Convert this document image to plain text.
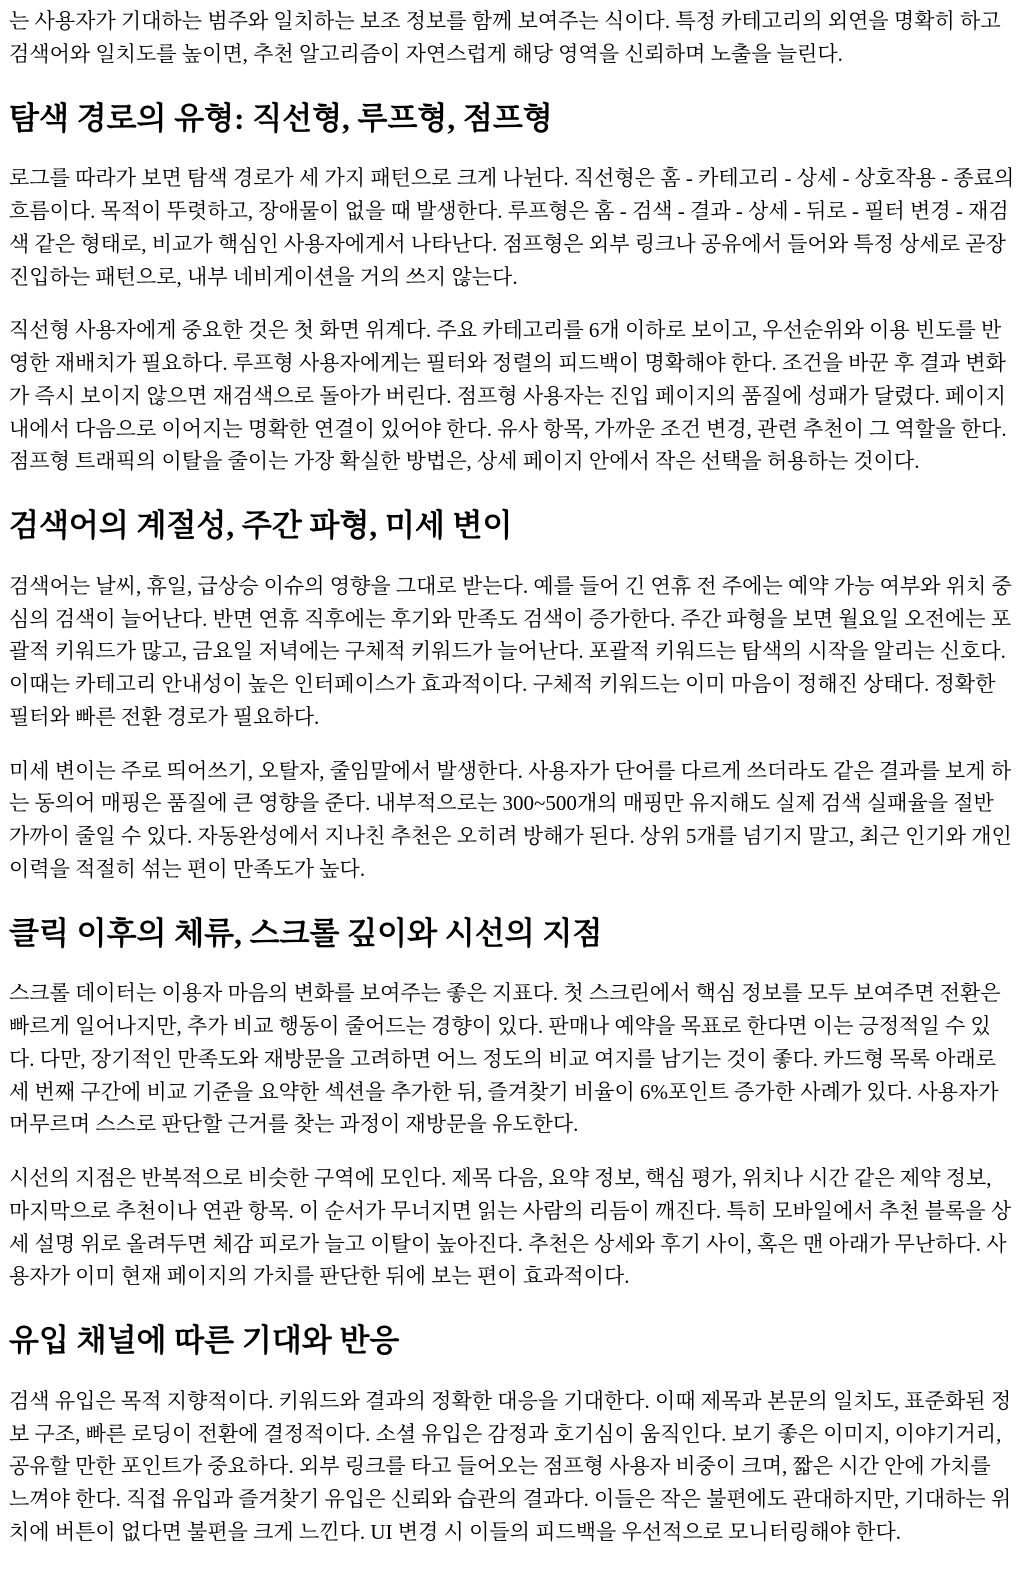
는 사용자가 기대하는 범주와 일치하는 보조 정보를 함께 보여주는 식이다. 특정 카테고리의 외연을 명확히 하고 검색어와 일치도를 높이면, 추천 알고리즘이 자연스럽게 해당 영역을 신뢰하며 노출을 늘린다.

탐색 경로의 유형: 직선형, 루프형, 점프형

로그를 따라가 보면 탐색 경로가 세 가지 패턴으로 크게 나뉜다. 직선형은 홈 - 카테고리 - 상세 - 상호작용 - 종료의 흐름이다. 목적이 뚜렷하고, 장애물이 없을 때 발생한다. 루프형은 홈 - 검색 - 결과 - 상세 - 뒤로 - 필터 변경 - 재검색 같은 형태로, 비교가 핵심인 사용자에게서 나타난다. 점프형은 외부 링크나 공유에서 들어와 특정 상세로 곧장 진입하는 패턴으로, 내부 네비게이션을 거의 쓰지 않는다.

직선형 사용자에게 중요한 것은 첫 화면 위계다. 주요 카테고리를 6개 이하로 보이고, 우선순위와 이용 빈도를 반영한 재배치가 필요하다. 루프형 사용자에게는 필터와 정렬의 피드백이 명확해야 한다. 조건을 바꾼 후 결과 변화가 즉시 보이지 않으면 재검색으로 돌아가 버린다. 점프형 사용자는 진입 페이지의 품질에 성패가 달렸다. 페이지 내에서 다음으로 이어지는 명확한 연결이 있어야 한다. 유사 항목, 가까운 조건 변경, 관련 추천이 그 역할을 한다. 점프형 트래픽의 이탈을 줄이는 가장 확실한 방법은, 상세 페이지 안에서 작은 선택을 허용하는 것이다.

검색어의 계절성, 주간 파형, 미세 변이

검색어는 날씨, 휴일, 급상승 이슈의 영향을 그대로 받는다. 예를 들어 긴 연휴 전 주에는 예약 가능 여부와 위치 중심의 검색이 늘어난다. 반면 연휴 직후에는 후기와 만족도 검색이 증가한다. 주간 파형을 보면 월요일 오전에는 포괄적 키워드가 많고, 금요일 저녁에는 구체적 키워드가 늘어난다. 포괄적 키워드는 탐색의 시작을 알리는 신호다. 이때는 카테고리 안내성이 높은 인터페이스가 효과적이다. 구체적 키워드는 이미 마음이 정해진 상태다. 정확한 필터와 빠른 전환 경로가 필요하다.

미세 변이는 주로 띄어쓰기, 오탈자, 줄임말에서 발생한다. 사용자가 단어를 다르게 쓰더라도 같은 결과를 보게 하는 동의어 매핑은 품질에 큰 영향을 준다. 내부적으로는 300~500개의 매핑만 유지해도 실제 검색 실패율을 절반 가까이 줄일 수 있다. 자동완성에서 지나친 추천은 오히려 방해가 된다. 상위 5개를 넘기지 말고, 최근 인기와 개인 이력을 적절히 섞는 편이 만족도가 높다.

클릭 이후의 체류, 스크롤 깊이와 시선의 지점

스크롤 데이터는 이용자 마음의 변화를 보여주는 좋은 지표다. 첫 스크린에서 핵심 정보를 모두 보여주면 전환은 빠르게 일어나지만, 추가 비교 행동이 줄어드는 경향이 있다. 판매나 예약을 목표로 한다면 이는 긍정적일 수 있다. 다만, 장기적인 만족도와 재방문을 고려하면 어느 정도의 비교 여지를 남기는 것이 좋다. 카드형 목록 아래로 세 번째 구간에 비교 기준을 요약한 섹션을 추가한 뒤, 즐겨찾기 비율이 6%포인트 증가한 사례가 있다. 사용자가 머무르며 스스로 판단할 근거를 찾는 과정이 재방문을 유도한다.

시선의 지점은 반복적으로 비슷한 구역에 모인다. 제목 다음, 요약 정보, 핵심 평가, 위치나 시간 같은 제약 정보, 마지막으로 추천이나 연관 항목. 이 순서가 무너지면 읽는 사람의 리듬이 깨진다. 특히 모바일에서 추천 블록을 상세 설명 위로 올려두면 체감 피로가 늘고 이탈이 높아진다. 추천은 상세와 후기 사이, 혹은 맨 아래가 무난하다. 사용자가 이미 현재 페이지의 가치를 판단한 뒤에 보는 편이 효과적이다.

유입 채널에 따른 기대와 반응

검색 유입은 목적 지향적이다. 키워드와 결과의 정확한 대응을 기대한다. 이때 제목과 본문의 일치도, 표준화된 정보 구조, 빠른 로딩이 전환에 결정적이다. 소셜 유입은 감정과 호기심이 움직인다. 보기 좋은 이미지, 이야기거리, 공유할 만한 포인트가 중요하다. 외부 링크를 타고 들어오는 점프형 사용자 비중이 크며, 짧은 시간 안에 가치를 느껴야 한다. 직접 유입과 즐겨찾기 유입은 신뢰와 습관의 결과다. 이들은 작은 불편에도 관대하지만, 기대하는 위치에 버튼이 없다면 불편을 크게 느낀다. UI 변경 시 이들의 피드백을 우선적으로 모니터링해야 한다.
